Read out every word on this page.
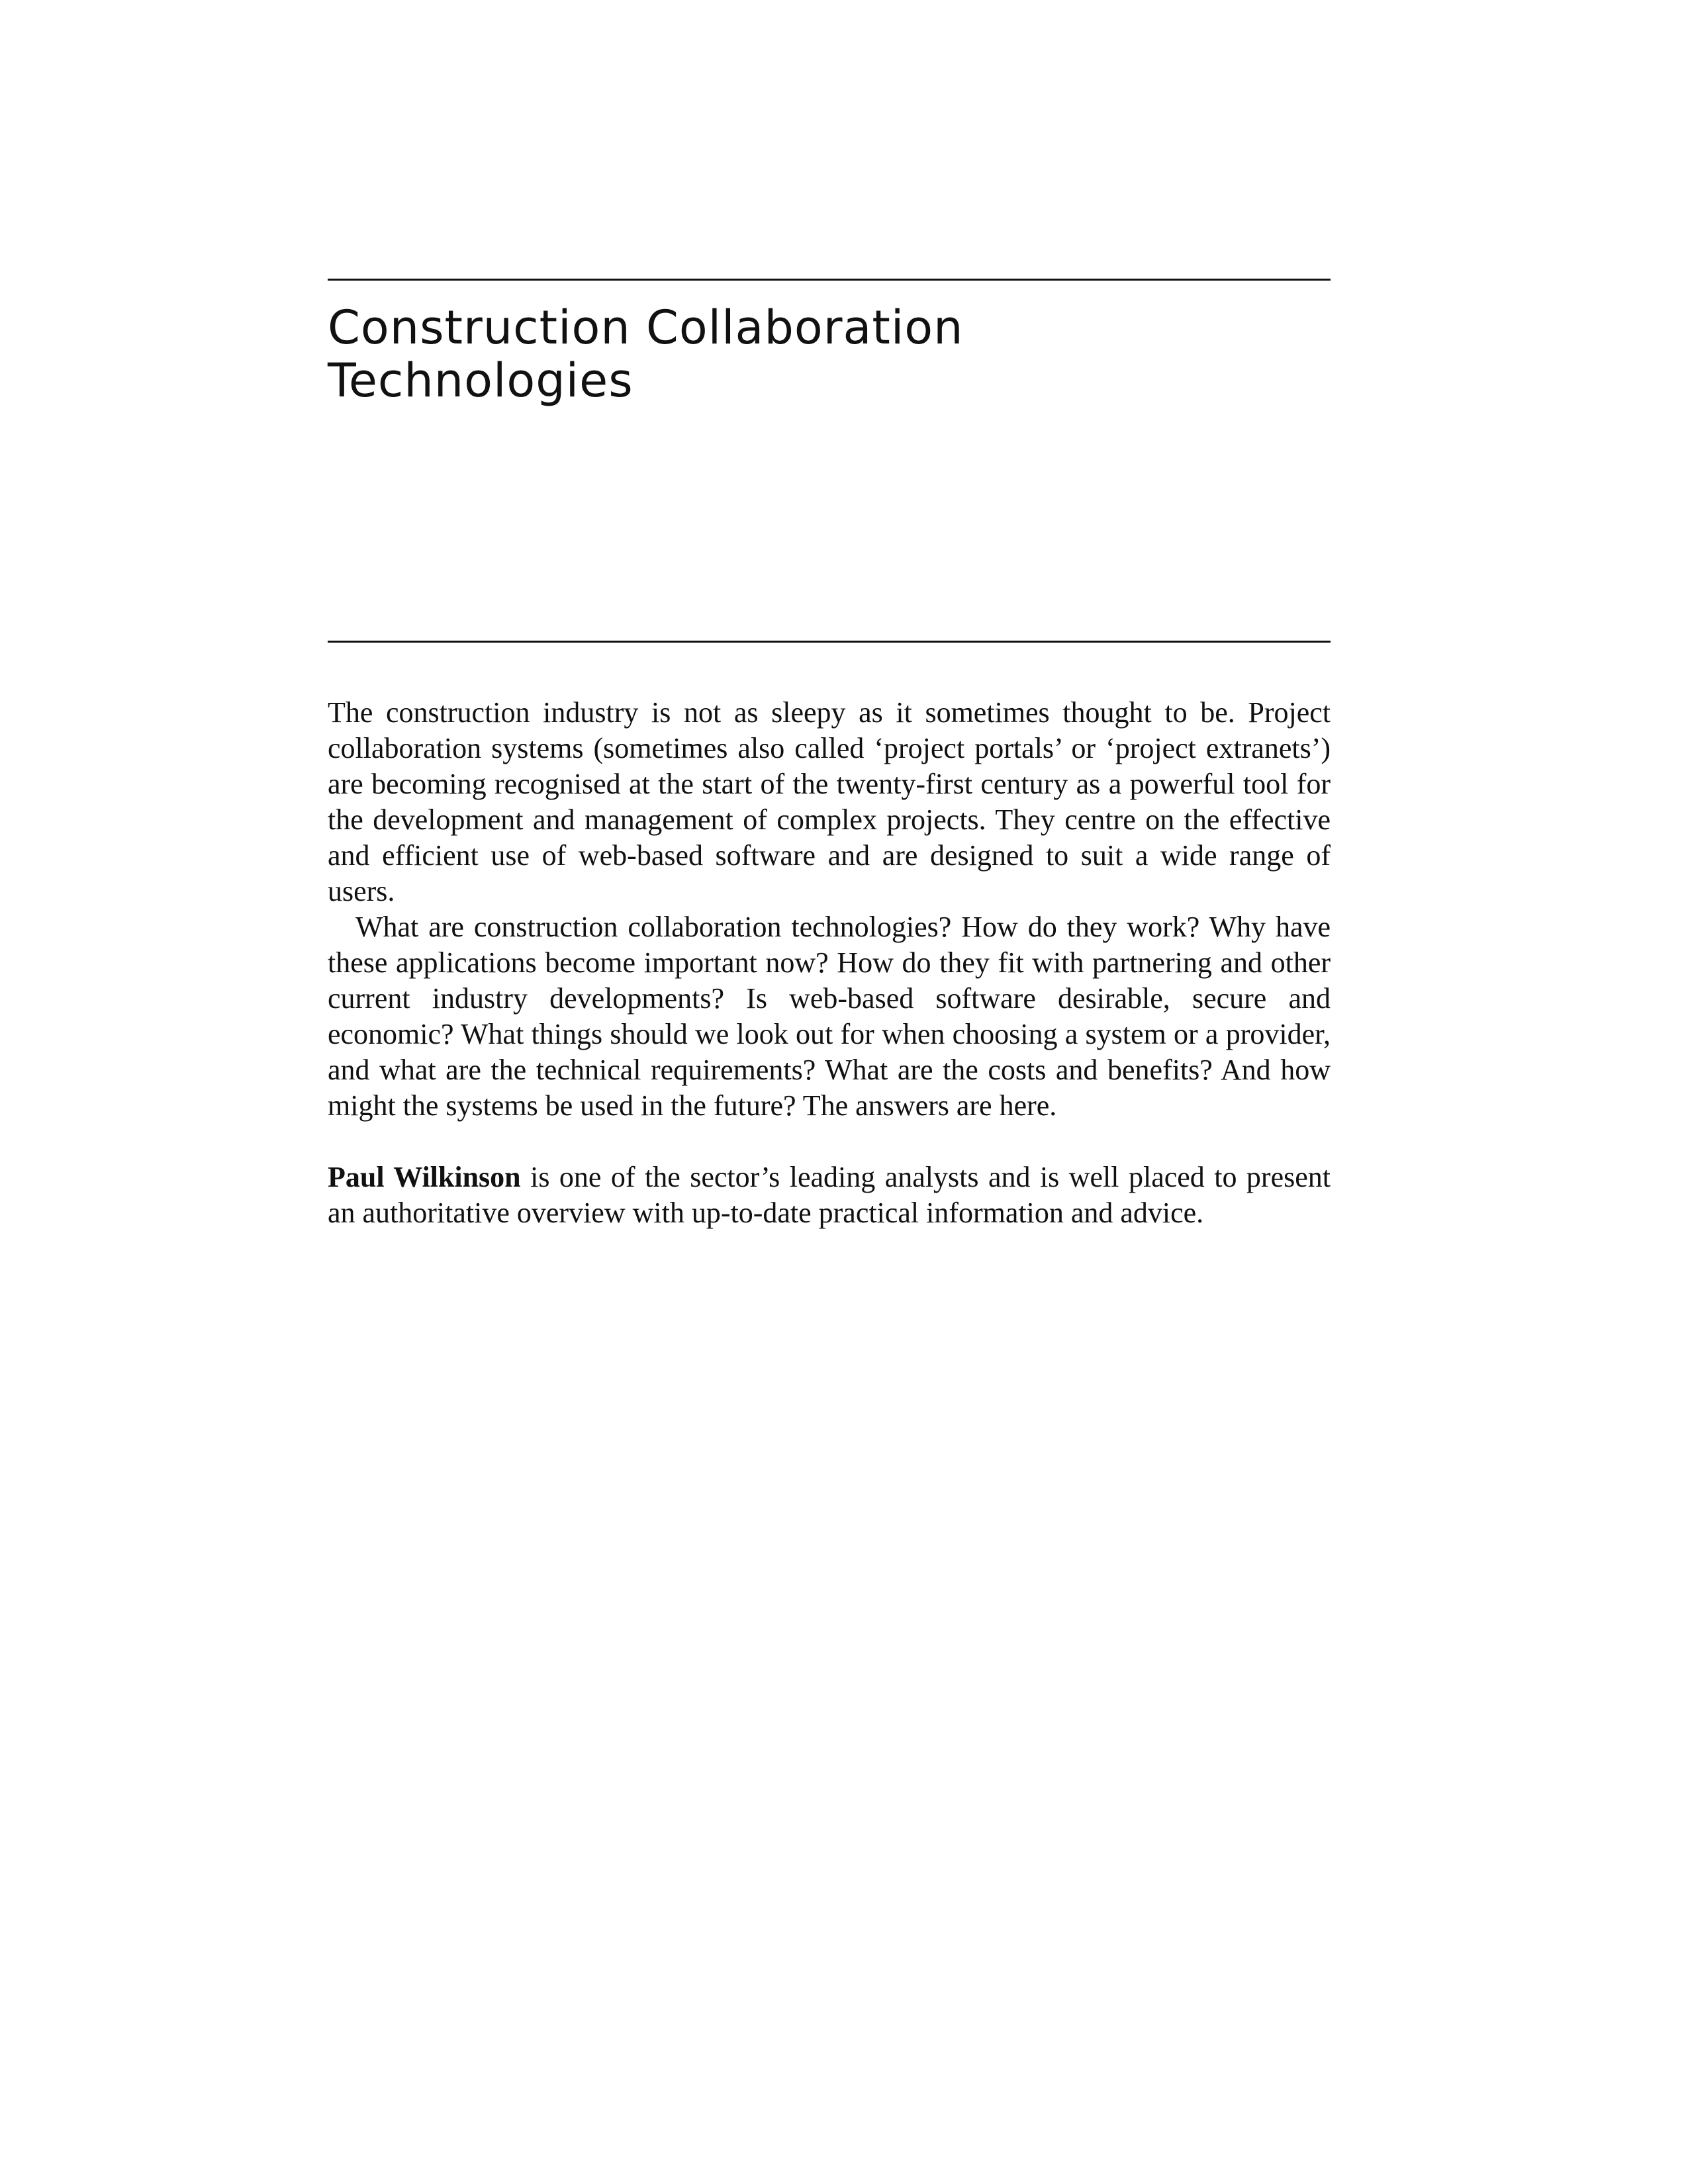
Construction Collaboration
Technologies

The construction industry is not as sleepy as it sometimes thought to be. Project collaboration systems (sometimes also called ‘project portals’ or ‘project extranets’) are becoming recognised at the start of the twenty-first century as a powerful tool for the development and management of complex projects. They centre on the effective and efficient use of web-based software and are designed to suit a wide range of users.

What are construction collaboration technologies? How do they work? Why have these applications become important now? How do they fit with partnering and other current industry developments? Is web-based software desirable, secure and economic? What things should we look out for when choosing a system or a provider, and what are the technical requirements? What are the costs and benefits? And how might the systems be used in the future? The answers are here.

Paul Wilkinson is one of the sector’s leading analysts and is well placed to present an authoritative overview with up-to-date practical information and advice.
